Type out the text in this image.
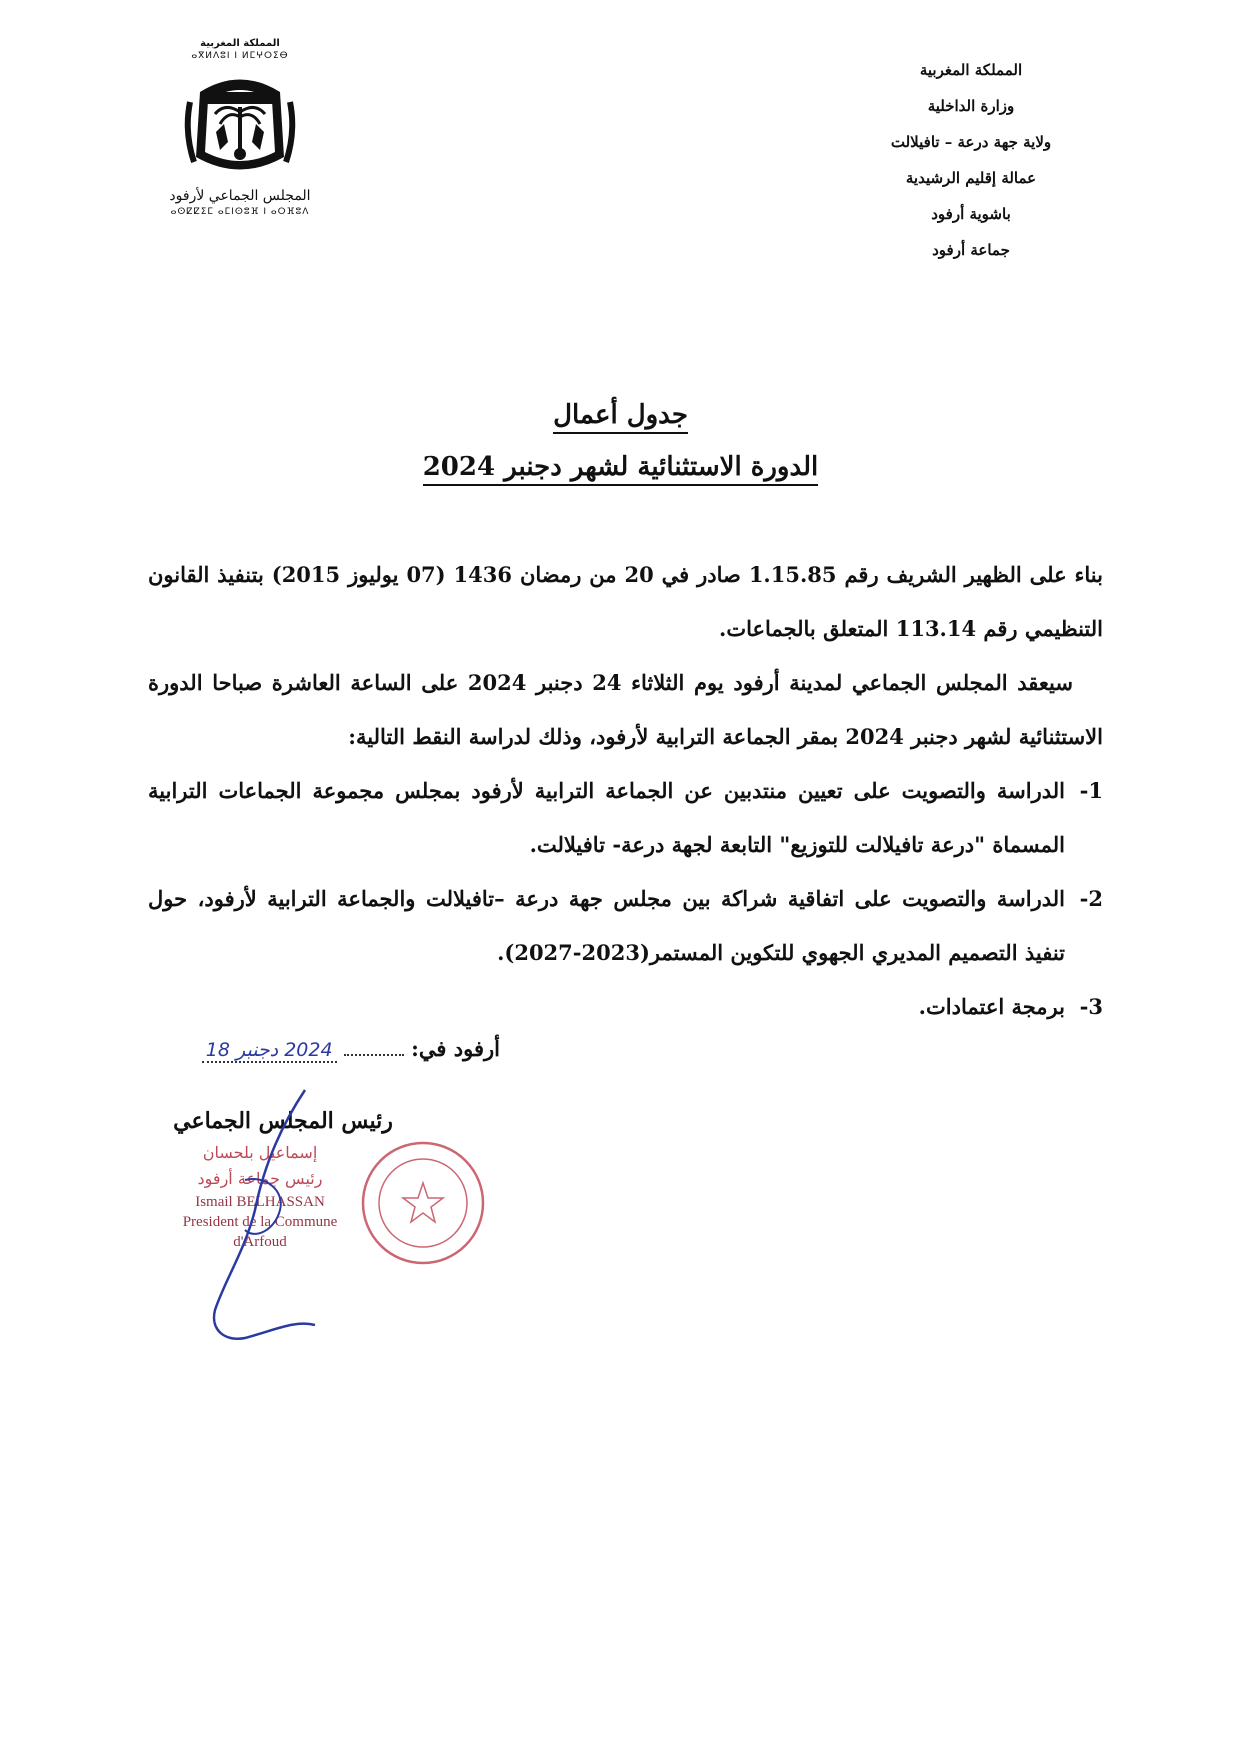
المملكة المغربية
وزارة الداخلية
ولاية جهة درعة – تافيلالت
عمالة إقليم الرشيدية
باشوية أرفود
جماعة أرفود
المملكة المغربية
ⴰⴳⵍⴷⵓⵏ ⵏ ⵍⵎⵖⵔⵉⴱ
المجلس الجماعي لأرفود
ⴰⵙⵇⵇⵉⵎ ⴰⵎⵏⵙⵓⴼ ⵏ ⴰⵔⴼⵓⴷ
جدول أعمال
الدورة الاستثنائية لشهر دجنبر 2024

بناء على الظهير الشريف رقم 1.15.85 صادر في 20 من رمضان 1436 (07 يوليوز 2015) بتنفيذ القانون التنظيمي رقم 113.14 المتعلق بالجماعات.

سيعقد المجلس الجماعي لمدينة أرفود يوم الثلاثاء 24 دجنبر 2024 على الساعة العاشرة صباحا الدورة الاستثنائية لشهر دجنبر 2024 بمقر الجماعة الترابية لأرفود، وذلك لدراسة النقط التالية:

1-
الدراسة والتصويت على تعيين منتدبين عن الجماعة الترابية لأرفود بمجلس مجموعة الجماعات الترابية المسماة "درعة تافيلالت للتوزيع" التابعة لجهة درعة- تافيلالت.
2-
الدراسة والتصويت على اتفاقية شراكة بين مجلس جهة درعة –تافيلالت والجماعة الترابية لأرفود، حول تنفيذ التصميم المديري الجهوي للتكوين المستمر(2023-2027).
3-
برمجة اعتمادات.
أرفود في:  2024 دجنبر 18
رئيس المجلس الجماعي
إسماعيل بلحسان
رئيس جماعة أرفود
Ismail BELHASSAN
President de la Commune
d'Arfoud
